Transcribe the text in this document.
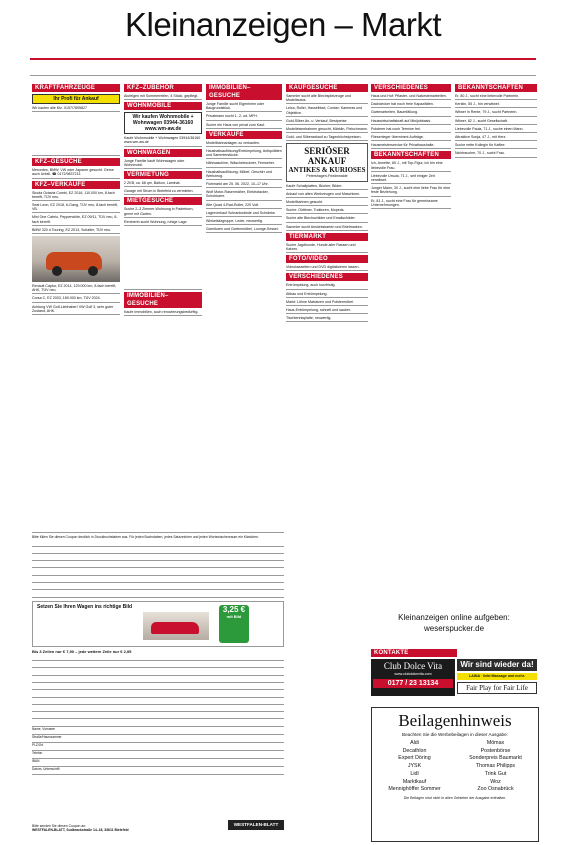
Kleinanzeigen – Markt
KRAFTFAHRZEUGE
Ihr Profi für Ankauf
Wir kaufen alle Kfz. 0157/7895827
KFZ–GESUCHE
Mercedes, BMW, VW oder Japaner gesucht. Gerne auch Unfall. ☎ 0172/9837213
KFZ–VERKÄUFE
Skoda Octavia Combi, EZ 2016, 110.000 km, 8-fach bereift, TÜV neu.
Seat Leon, EZ 2018, 6-Gang, TÜV neu, 8-fach bereift, VB.
Mini One Cabrio, Pepperwhite, EZ 09/11, TÜV neu, 8-fach bereift.
BMW 320 d Touring, EZ 2013, Schalter, TÜV neu.
Renault Captur, EZ 2014, 129.000 km, 8-fach bereift, AHK, TÜV neu.
Corsa C, EZ 2003, 169.000 km, TÜV 2024.
Achtung VW Golf-Liebhaber! VW Golf 3, sehr guter Zustand, AHK.
KFZ–ZUBEHÖR
Alufelgen mit Sommerreifen, 4 Stück, gepflegt.
WOHNMOBILE
Wir kaufen Wohnmobile + Wohnwagen 03944-36160 www.wm-aw.de
Kaufe Wohnmobile + Wohnwagen 03944/36160 www.wm-aw.de
WOHNWAGEN
Junge Familie kauft Wohnwagen oder Wohnmobil.
VERMIETUNG
2 ZKB, ca. 68 qm, Balkon, Laminat.
Garage mit Strom in Bielefeld zu vermieten.
MIETGESUCHE
Suche 2–3 Zimmer-Wohnung in Paderborn, gerne mit Garten.
Rentnerin sucht Wohnung, ruhige Lage.
IMMOBILIEN–GESUCHE
Kaufe Immobilien, auch renovierungsbedürftig.
IMMOBILIEN–GESUCHE
Junge Familie sucht Eigenheim oder Baugrundstück.
Privatmann sucht 1- 2- od. MFH.
Suche ein Haus von privat zum Kauf.
VERKÄUFE
Modellbahnanlagen zu verkaufen.
Haushaltsauflösung/Entrümpelung, Antiquitäten und Sammlerstücke.
Nähmaschine, Wäschetrockner, Fernseher.
Haushaltsauflösung: Möbel, Geschirr und Werkzeug.
Flohmarkt am 25. 06. 2022, 10–17 Uhr.
Wolf Motor-Rasenmäher, Elektrotacker, Schubkarre.
Alte Quad 4-Rad-Roller, 220 Volt.
Lagerverkauf Schrankwände und Schränke.
Winkelsitzgruppe, Leder, neuwertig.
Garnituren und Gartenmöbel, Lounge-Sessel.
KAUFGESUCHE
Sammler sucht alte Blechspielzeuge und Modellautos.
Leica, Rollei, Hasselblad, Contax: Kameras und Objektive.
Gold-Silber An- u. Verkauf, Bestpreise.
Modelleisenbahnen gesucht, Märklin, Fleischmann.
Gold- und Silberankauf zu Tageshöchstpreisen.
SERIÖSER ANKAUF
ANTIKES & KURIOSES
Petershagen-Friedewalde
Kaufe Schallplatten, Bücher, Bilder.
Ankauf von alten Werkzeugen und Maschinen.
Modellbahnen gesucht.
Suche: Oldtimer, Traktoren, Mopeds.
Suche alte Blechschilder und Emailschilder.
Sammler sucht Ansichtskarten und Briefmarken.
TIERMARKT
Suche Jagdhunde, Hunde aller Rassen und Katzen.
FOTO/VIDEO
Videokassetten und DVD digitalisieren lassen.
VERSCHIEDENES
Entrümpelung, auch kurzfristig.
Altbau und Entrümpelung.
Markt: Löhne Matratzen und Polstermöbel.
Haus-Entrümpelung, schnell und sauber.
Tischtennisplatte, neuwertig.
VERSCHIEDENES
Haus und Hof: Pflaster- und Natursteinarbeiten.
Dachdecker hat noch freie Kapazitäten.
Gartenarbeiten, Baumfällung.
Hauswirtschaftskraft auf Minijobbasis.
Polsterer hat noch Termine frei.
Fliesenleger übernimmt Aufträge.
Hausmeisterservice für Privathaushalte.
BEKANNTSCHAFTEN
Ich, Annette, 65 J., mit Top-Figur, ich bin eine liebevolle Frau.
Liebevolle Ursula, 71 J., seit einiger Zeit verwitwet.
Junger Mann, 30 J., sucht eine liebe Frau für eine feste Beziehung.
Er, 81 J., sucht eine Frau für gemeinsame Unternehmungen.
BEKANNTSCHAFTEN
Er, 80 J., sucht eine liebevolle Partnerin.
Kerstin, 55 J., bin verwitwet.
Witwer in Rente, 79 J., sucht Partnerin.
Witwer, 82 J., sucht Gesellschaft.
Liebevolle Paula, 71 J., suche einen Mann.
Attraktive Sonja, 47 J., mit Herz.
Suche nette Kollegin für Kaffee.
Nichtraucher, 70 J., sucht Frau.
Kleinanzeigen online aufgeben: weserspucker.de
KONTAKTE
Club Dolce Vita
www.clubdolcevita.com
0177 / 23 13134
Wir sind wieder da!
LAINA · liebt Massage und mehr.
Fair Play for Fair Life
Beilagenhinweis
Beachten Sie die Werbebeilagen in dieser Ausgabe:
Aldi	Mömax
Decathlon	Postenbörse
Expert Döring	Sonderpreis Baumarkt
JYSK	Thomas Philipps
Lidl	Trink Gut
Marktkauf	Woz
Mennighöffer Sommer	Zoo Osnabrück
Die Beilagen sind nicht in allen Gebieten der Ausgabe enthalten.
Bitte füllen Sie diesen Coupon deutlich in Druckbuchstaben aus. Für jeden Buchstaben, jedes Satzzeichen und jeden Wortzwischenraum ein Kästchen.
Setzen Sie Ihren Wagen ins richtige Bild	3,25 €
mit Bild
Bis 3 Zeilen nur € 7,90 – jede weitere Zeile nur € 2,95
Name, Vorname
Straße/Hausnummer
PLZ/Ort
Telefon
IBAN
Datum, Unterschrift
Bitte senden Sie diesen Coupon an:
WESTFALEN-BLATT, Sudbrackstraße 14–18, 33611 Bielefeld
WESTFALEN-BLATT
